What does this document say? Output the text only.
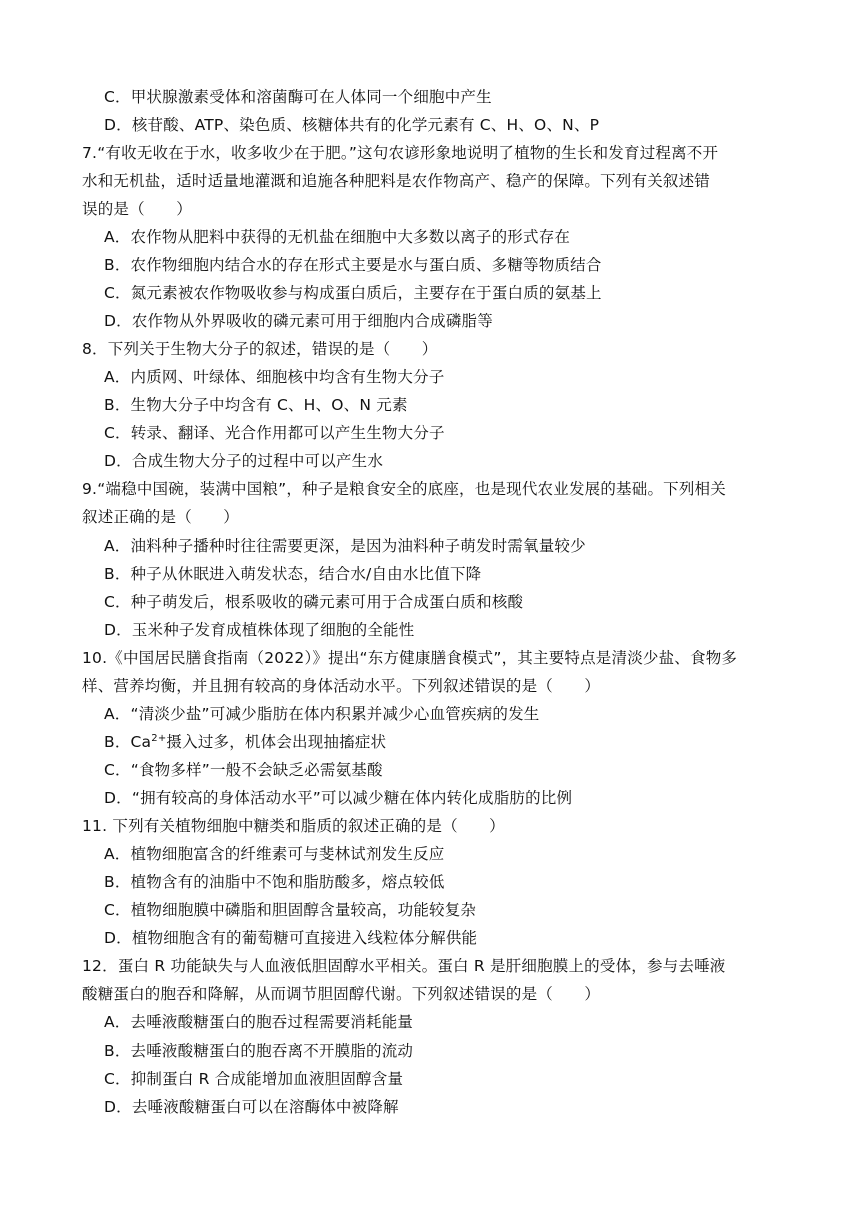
C．甲状腺激素受体和溶菌酶可在人体同一个细胞中产生
D．核苷酸、ATP、染色质、核糖体共有的化学元素有 C、H、O、N、P
7.“有收无收在于水，收多收少在于肥。”这句农谚形象地说明了植物的生长和发育过程离不开
水和无机盐，适时适量地灌溉和追施各种肥料是农作物高产、稳产的保障。下列有关叙述错
误的是（　　）
A．农作物从肥料中获得的无机盐在细胞中大多数以离子的形式存在
B．农作物细胞内结合水的存在形式主要是水与蛋白质、多糖等物质结合
C．氮元素被农作物吸收参与构成蛋白质后，主要存在于蛋白质的氨基上
D．农作物从外界吸收的磷元素可用于细胞内合成磷脂等
8．下列关于生物大分子的叙述，错误的是（　　）
A．内质网、叶绿体、细胞核中均含有生物大分子
B．生物大分子中均含有 C、H、O、N 元素
C．转录、翻译、光合作用都可以产生生物大分子
D．合成生物大分子的过程中可以产生水
9.“端稳中国碗，装满中国粮”，种子是粮食安全的底座，也是现代农业发展的基础。下列相关
叙述正确的是（　　）
A．油料种子播种时往往需要更深，是因为油料种子萌发时需氧量较少
B．种子从休眠进入萌发状态，结合水/自由水比值下降
C．种子萌发后，根系吸收的磷元素可用于合成蛋白质和核酸
D．玉米种子发育成植株体现了细胞的全能性
10.《中国居民膳食指南（2022）》提出“东方健康膳食模式”，其主要特点是清淡少盐、食物多
样、营养均衡，并且拥有较高的身体活动水平。下列叙述错误的是（　　）
A．“清淡少盐”可减少脂肪在体内积累并减少心血管疾病的发生
B．$Ca^{2+}$摄入过多，机体会出现抽搐症状
C．“食物多样”一般不会缺乏必需氨基酸
D．“拥有较高的身体活动水平”可以减少糖在体内转化成脂肪的比例
11. 下列有关植物细胞中糖类和脂质的叙述正确的是（　　）
A．植物细胞富含的纤维素可与斐林试剂发生反应
B．植物含有的油脂中不饱和脂肪酸多，熔点较低
C．植物细胞膜中磷脂和胆固醇含量较高，功能较复杂
D．植物细胞含有的葡萄糖可直接进入线粒体分解供能
12．蛋白 R 功能缺失与人血液低胆固醇水平相关。蛋白 R 是肝细胞膜上的受体，参与去唾液
酸糖蛋白的胞吞和降解，从而调节胆固醇代谢。下列叙述错误的是（　　）
A．去唾液酸糖蛋白的胞吞过程需要消耗能量
B．去唾液酸糖蛋白的胞吞离不开膜脂的流动
C．抑制蛋白 R 合成能增加血液胆固醇含量
D．去唾液酸糖蛋白可以在溶酶体中被降解
